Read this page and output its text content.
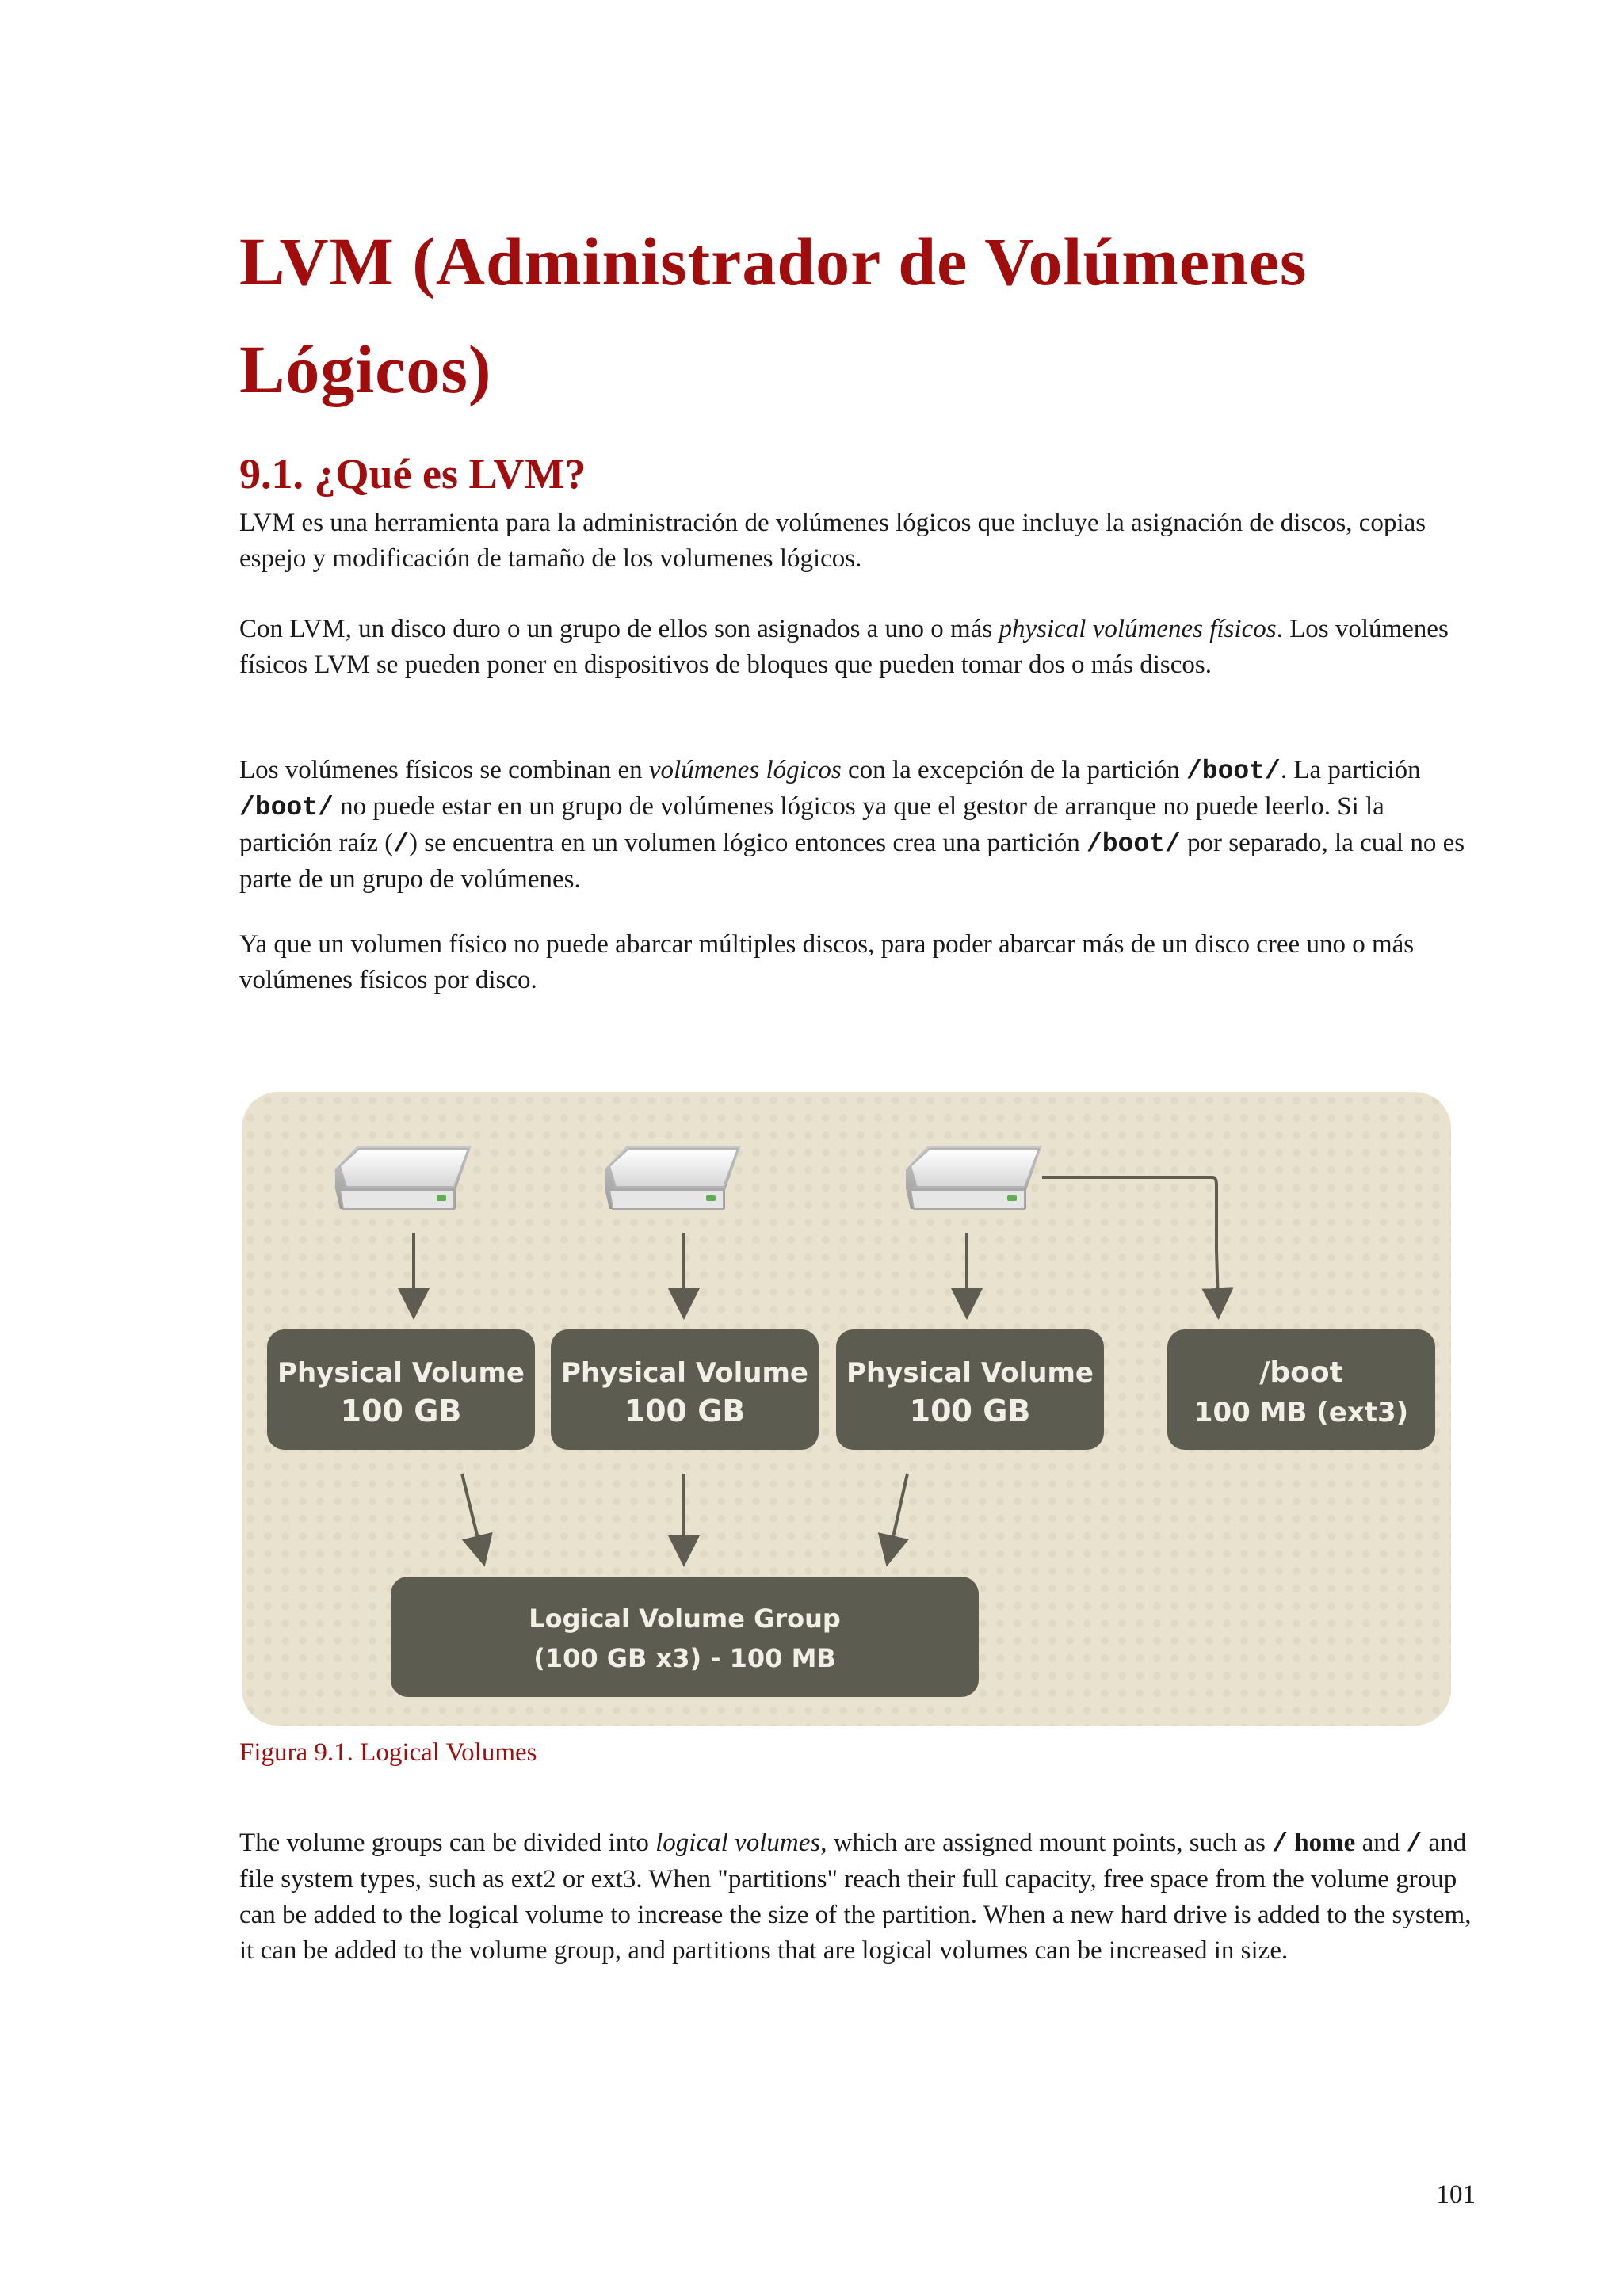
LVM (Administrador de Volúmenes Lógicos)
9.1. ¿Qué es LVM?

LVM es una herramienta para la administración de volúmenes lógicos que incluye la asignación de discos, copias espejo y modificación de tamaño de los volumenes lógicos.

Con LVM, un disco duro o un grupo de ellos son asignados a uno o más physical volúmenes físicos. Los volúmenes físicos LVM se pueden poner en dispositivos de bloques que pueden tomar dos o más discos.

Los volúmenes físicos se combinan en volúmenes lógicos con la excepción de la partición /boot/. La partición /boot/ no puede estar en un grupo de volúmenes lógicos ya que el gestor de arranque no puede leerlo. Si la partición raíz (/) se encuentra en un volumen lógico entonces crea una partición /boot/ por separado, la cual no es parte de un grupo de volúmenes.

Ya que un volumen físico no puede abarcar múltiples discos, para poder abarcar más de un disco cree uno o más volúmenes físicos por disco.

Physical Volume
100 GB
Physical Volume
100 GB
Physical Volume
100 GB
/boot
100 MB (ext3)
Logical Volume Group
(100 GB x3) - 100 MB

Figura 9.1. Logical Volumes

The volume groups can be divided into logical volumes, which are assigned mount points, such as / home and / and file system types, such as ext2 or ext3. When "partitions" reach their full capacity, free space from the volume group can be added to the logical volume to increase the size of the partition. When a new hard drive is added to the system, it can be added to the volume group, and partitions that are logical volumes can be increased in size.

101
